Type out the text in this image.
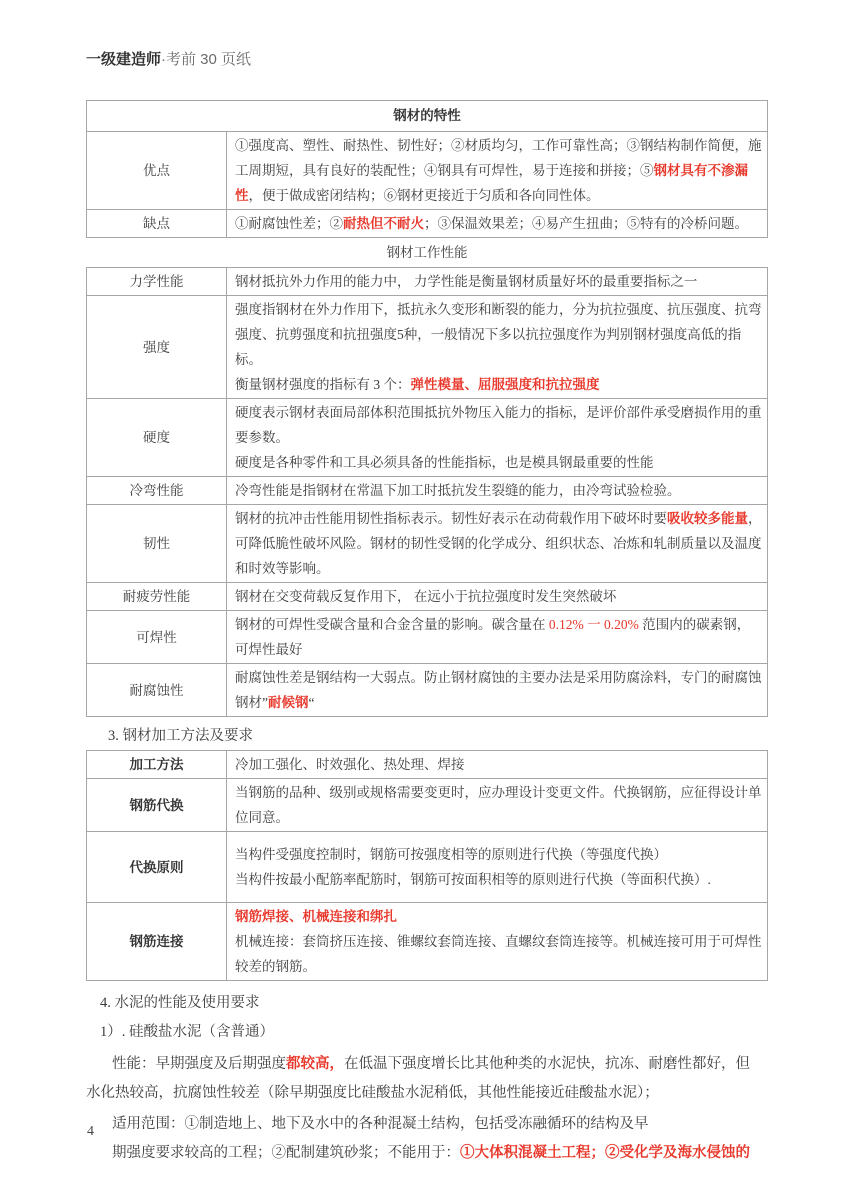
一级建造师·考前 30 页纸
钢材的特性	

优点	①强度高、塑性、耐热性、韧性好；②材质均匀，工作可靠性高；③钢结构制作简便，施工周期短，具有良好的装配性；④钢具有可焊性，易于连接和拼接；⑤钢材具有不渗漏性，便于做成密闭结构；⑥钢材更接近于匀质和各向同性体。

缺点	①耐腐蚀性差；②耐热但不耐火；③保温效果差；④易产生扭曲；⑤特有的冷桥问题。

钢材工作性能	

力学性能	钢材抵抗外力作用的能力中， 力学性能是衡量钢材质量好坏的最重要指标之一

强度	强度指钢材在外力作用下，抵抗永久变形和断裂的能力，分为抗拉强度、抗压强度、抗弯强度、抗剪强度和抗扭强度5种，一般情况下多以抗拉强度作为判别钢材强度高低的指标。
衡量钢材强度的指标有 3 个：弹性模量、屈服强度和抗拉强度

硬度	硬度表示钢材表面局部体积范围抵抗外物压入能力的指标，是评价部件承受磨损作用的重要参数。
硬度是各种零件和工具必须具备的性能指标，也是模具钢最重要的性能

冷弯性能	冷弯性能是指钢材在常温下加工时抵抗发生裂缝的能力，由冷弯试验检验。

韧性	钢材的抗冲击性能用韧性指标表示。韧性好表示在动荷载作用下破坏时要吸收较多能量，可降低脆性破坏风险。钢材的韧性受钢的化学成分、组织状态、冶炼和轧制质量以及温度和时效等影响。

耐疲劳性能	钢材在交变荷载反复作用下， 在远小于抗拉强度时发生突然破坏

可焊性	钢材的可焊性受碳含量和合金含量的影响。碳含量在 0.12% 一 0.20% 范围内的碳素钢，可焊性最好

耐腐蚀性	耐腐蚀性差是钢结构一大弱点。防止钢材腐蚀的主要办法是采用防腐涂料，专门的耐腐蚀钢材”耐候钢“
3. 钢材加工方法及要求
加工方法	冷加工强化、时效强化、热处理、焊接

钢筋代换	当钢筋的品种、级别或规格需要变更时，应办理设计变更文件。代换钢筋，应征得设计单位同意。

代换原则	当构件受强度控制时，钢筋可按强度相等的原则进行代换（等强度代换）
当构件按最小配筋率配筋时，钢筋可按面积相等的原则进行代换（等面积代换）.

钢筋连接	钢筋焊接、机械连接和绑扎
机械连接：套筒挤压连接、锥螺纹套筒连接、直螺纹套筒连接等。机械连接可用于可焊性较差的钢筋。
4. 水泥的性能及使用要求
1）. 硅酸盐水泥（含普通）
性能：早期强度及后期强度都较高，在低温下强度增长比其他种类的水泥快，抗冻、耐磨性都好，但
水化热较高，抗腐蚀性较差（除早期强度比硅酸盐水泥稍低，其他性能接近硅酸盐水泥）；
适用范围：①制造地上、地下及水中的各种混凝土结构，包括受冻融循环的结构及早
期强度要求较高的工程；②配制建筑砂浆；不能用于：①大体积混凝土工程；②受化学及海水侵蚀的
4
